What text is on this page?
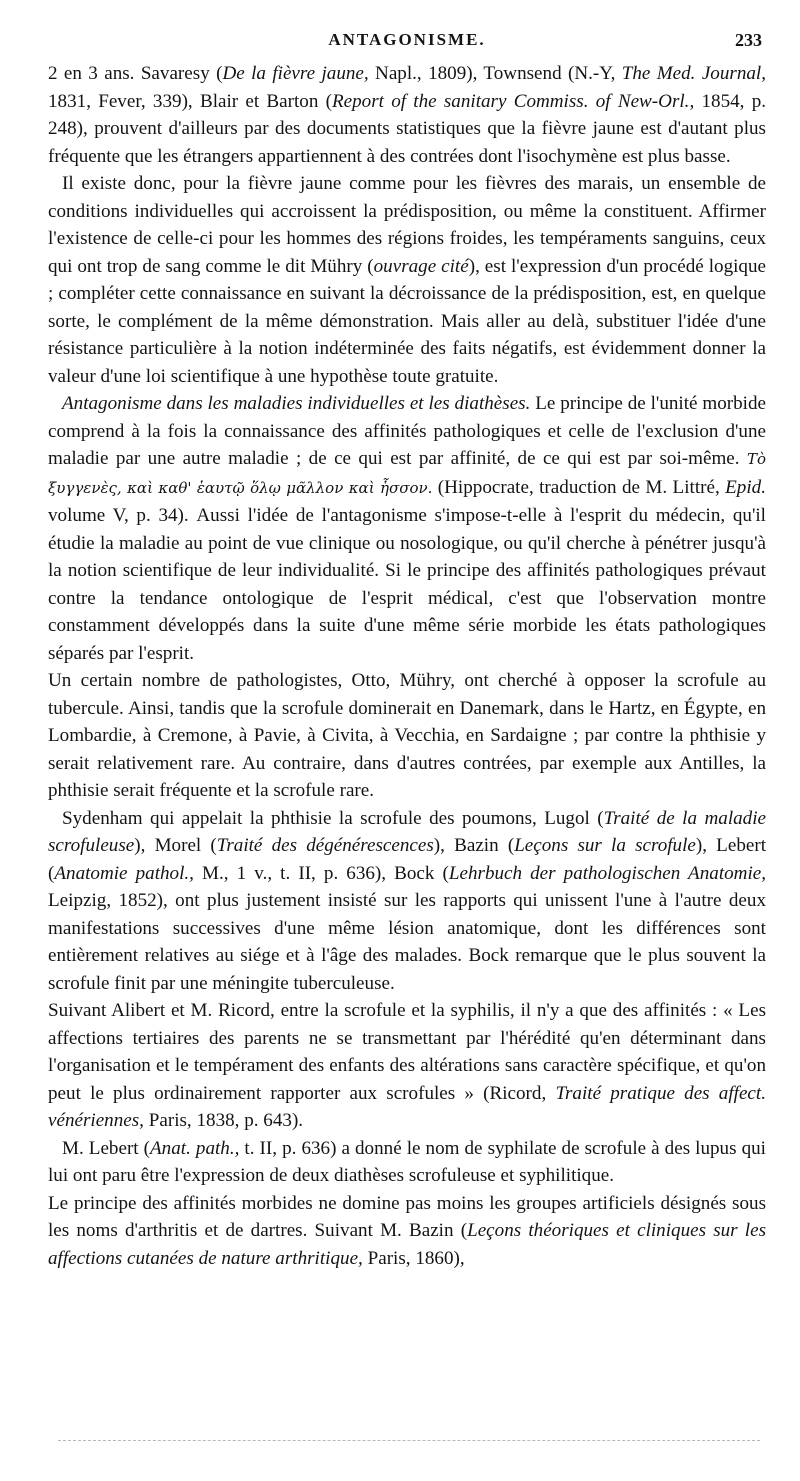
ANTAGONISME.	233

2 en 3 ans. Savaresy (De la fièvre jaune, Napl., 1809), Townsend (N.-Y, The Med. Journal, 1831, Fever, 339), Blair et Barton (Report of the sanitary Commiss. of New-Orl., 1854, p. 248), prouvent d'ailleurs par des documents statistiques que la fièvre jaune est d'autant plus fréquente que les étrangers appartiennent à des contrées dont l'isochymène est plus basse.

Il existe donc, pour la fièvre jaune comme pour les fièvres des marais, un ensemble de conditions individuelles qui accroissent la prédisposition, ou même la constituent. Affirmer l'existence de celle-ci pour les hommes des régions froides, les tempéraments sanguins, ceux qui ont trop de sang comme le dit Mühry (ouvrage cité), est l'expression d'un procédé logique ; compléter cette connaissance en suivant la décroissance de la prédisposition, est, en quelque sorte, le complément de la même démonstration. Mais aller au delà, substituer l'idée d'une résistance particulière à la notion indéterminée des faits négatifs, est évidemment donner la valeur d'une loi scientifique à une hypothèse toute gratuite.

Antagonisme dans les maladies individuelles et les diathèses. Le principe de l'unité morbide comprend à la fois la connaissance des affinités pathologiques et celle de l'exclusion d'une maladie par une autre maladie ; de ce qui est par affinité, de ce qui est par soi-même. Τὸ ξυγγενὲς, καὶ καθ' ἑαυτῷ ὅλῳ μᾶλλον καὶ ἧσσον. (Hippocrate, traduction de M. Littré, Epid. volume V, p. 34). Aussi l'idée de l'antagonisme s'impose-t-elle à l'esprit du médecin, qu'il étudie la maladie au point de vue clinique ou nosologique, ou qu'il cherche à pénétrer jusqu'à la notion scientifique de leur individualité. Si le principe des affinités pathologiques prévaut contre la tendance ontologique de l'esprit médical, c'est que l'observation montre constamment développés dans la suite d'une même série morbide les états pathologiques séparés par l'esprit.

Un certain nombre de pathologistes, Otto, Mühry, ont cherché à opposer la scrofule au tubercule. Ainsi, tandis que la scrofule dominerait en Danemark, dans le Hartz, en Égypte, en Lombardie, à Cremone, à Pavie, à Civita, à Vecchia, en Sardaigne ; par contre la phthisie y serait relativement rare. Au contraire, dans d'autres contrées, par exemple aux Antilles, la phthisie serait fréquente et la scrofule rare.

Sydenham qui appelait la phthisie la scrofule des poumons, Lugol (Traité de la maladie scrofuleuse), Morel (Traité des dégénérescences), Bazin (Leçons sur la scrofule), Lebert (Anatomie pathol., M., 1 v., t. II, p. 636), Bock (Lehrbuch der pathologischen Anatomie, Leipzig, 1852), ont plus justement insisté sur les rapports qui unissent l'une à l'autre deux manifestations successives d'une même lésion anatomique, dont les différences sont entièrement relatives au siége et à l'âge des malades. Bock remarque que le plus souvent la scrofule finit par une méningite tuberculeuse.

Suivant Alibert et M. Ricord, entre la scrofule et la syphilis, il n'y a que des affinités : « Les affections tertiaires des parents ne se transmettant par l'hérédité qu'en déterminant dans l'organisation et le tempérament des enfants des altérations sans caractère spécifique, et qu'on peut le plus ordinairement rapporter aux scrofules » (Ricord, Traité pratique des affect. vénériennes, Paris, 1838, p. 643).

M. Lebert (Anat. path., t. II, p. 636) a donné le nom de syphilate de scrofule à des lupus qui lui ont paru être l'expression de deux diathèses scrofuleuse et syphilitique.

Le principe des affinités morbides ne domine pas moins les groupes artificiels désignés sous les noms d'arthritis et de dartres. Suivant M. Bazin (Leçons théoriques et cliniques sur les affections cutanées de nature arthritique, Paris, 1860),
